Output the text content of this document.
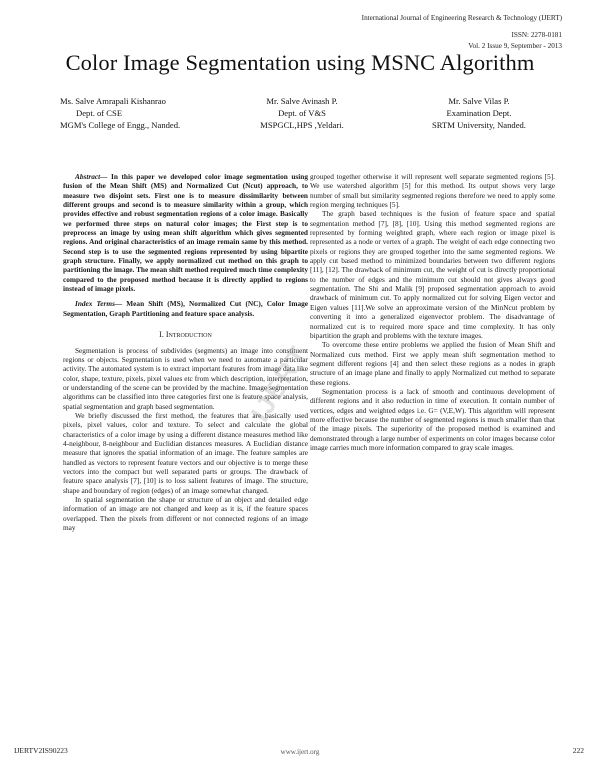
International Journal of Engineering Research & Technology (IJERT)
ISSN: 2278-0181
Vol. 2 Issue 9, September - 2013
Color Image Segmentation using MSNC Algorithm
Ms. Salve Amrapali Kishanrao
Dept. of CSE
MGM's College of Engg., Nanded.
Mr. Salve Avinash P.
Dept. of V&S
MSPGCL,HPS ,Yeldari.
Mr. Salve Vilas P.
Examination Dept.
SRTM University, Nanded.

Abstract— In this paper we developed color image segmentation using fusion of the Mean Shift (MS) and Normalized Cut (Ncut) approach, to measure two disjoint sets. First one is to measure dissimilarity between different groups and second is to measure similarity within a group, which provides effective and robust segmentation regions of a color image. Basically we performed three steps on natural color images; the First step is to preprocess an image by using mean shift algorithm which gives segmented regions. And original characteristics of an image remain same by this method. Second step is to use the segmented regions represented by using bipartite graph structure. Finally, we apply normalized cut method on this graph to partitioning the image. The mean shift method required much time complexity compared to the proposed method because it is directly applied to regions instead of image pixels.

Index Terms— Mean Shift (MS), Normalized Cut (NC), Color Image Segmentation, Graph Partitioning and feature space analysis.

I. Introduction

Segmentation is process of subdivides (segments) an image into constituent regions or objects. Segmentation is used when we need to automate a particular activity. The automated system is to extract important features from image data like color, shape, texture, pixels, pixel values etc from which description, interpretation, or understanding of the scene can be provided by the machine. Image segmentation algorithms can be classified into three categories first one is feature space analysis, spatial segmentation and graph based segmentation.

We briefly discussed the first method, the features that are basically used pixels, pixel values, color and texture. To select and calculate the global characteristics of a color image by using a different distance measures method like 4-neighbour, 8-neighbour and Euclidian distances measures. A Euclidian distance measure that ignores the spatial information of an image. The feature samples are handled as vectors to represent feature vectors and our objective is to merge these vectors into the compact but well separated parts or groups. The drawback of feature space analysis [7], [10] is to loss salient features of image. The structure, shape and boundary of region (edges) of an image somewhat changed.

In spatial segmentation the shape or structure of an object and detailed edge information of an image are not changed and keep as it is, if the feature spaces overlapped. Then the pixels from different or not connected regions of an image may

grouped together otherwise it will represent well separate segmented regions [5]. We use watershed algorithm [5] for this method. Its output shows very large number of small but similarity segmented regions therefore we need to apply some region merging techniques [5].

The graph based techniques is the fusion of feature space and spatial segmentation method [7], [8], [10]. Using this method segmented regions are represented by forming weighted graph, where each region or image pixel is represented as a node or vertex of a graph. The weight of each edge connecting two pixels or regions they are grouped together into the same segmented regions. We apply cut based method to minimized boundaries between two different regions [11], [12]. The drawback of minimum cut, the weight of cut is directly proportional to the number of edges and the minimum cut should not gives always good segmentation. The Shi and Malik [9] proposed segmentation approach to avoid drawback of minimum cut. To apply normalized cut for solving Eigen vector and Eigen values [11].We solve an approximate version of the MinNcut problem by converting it into a generalized eigenvector problem. The disadvantage of normalized cut is to required more space and time complexity. It has only bipartition the graph and problems with the texture images.

To overcome these entire problems we applied the fusion of Mean Shift and Normalized cuts method. First we apply mean shift segmentation method to segment different regions [4] and then select these regions as a nodes in graph structure of an image plane and finally to apply Normalized cut method to separate these regions.

Segmentation process is a lack of smooth and continuous development of different regions and it also reduction in time of execution. It contain number of vertices, edges and weighted edges i.e. G= (V,E,W). This algorithm will represent more effective because the number of segmented regions is much smaller than that of the image pixels. The superiority of the proposed method is examined and demonstrated through a large number of experiments on color images because color image carries much more information compared to gray scale images.

IJERT
IJERTV2IS90223	www.ijert.org	222
